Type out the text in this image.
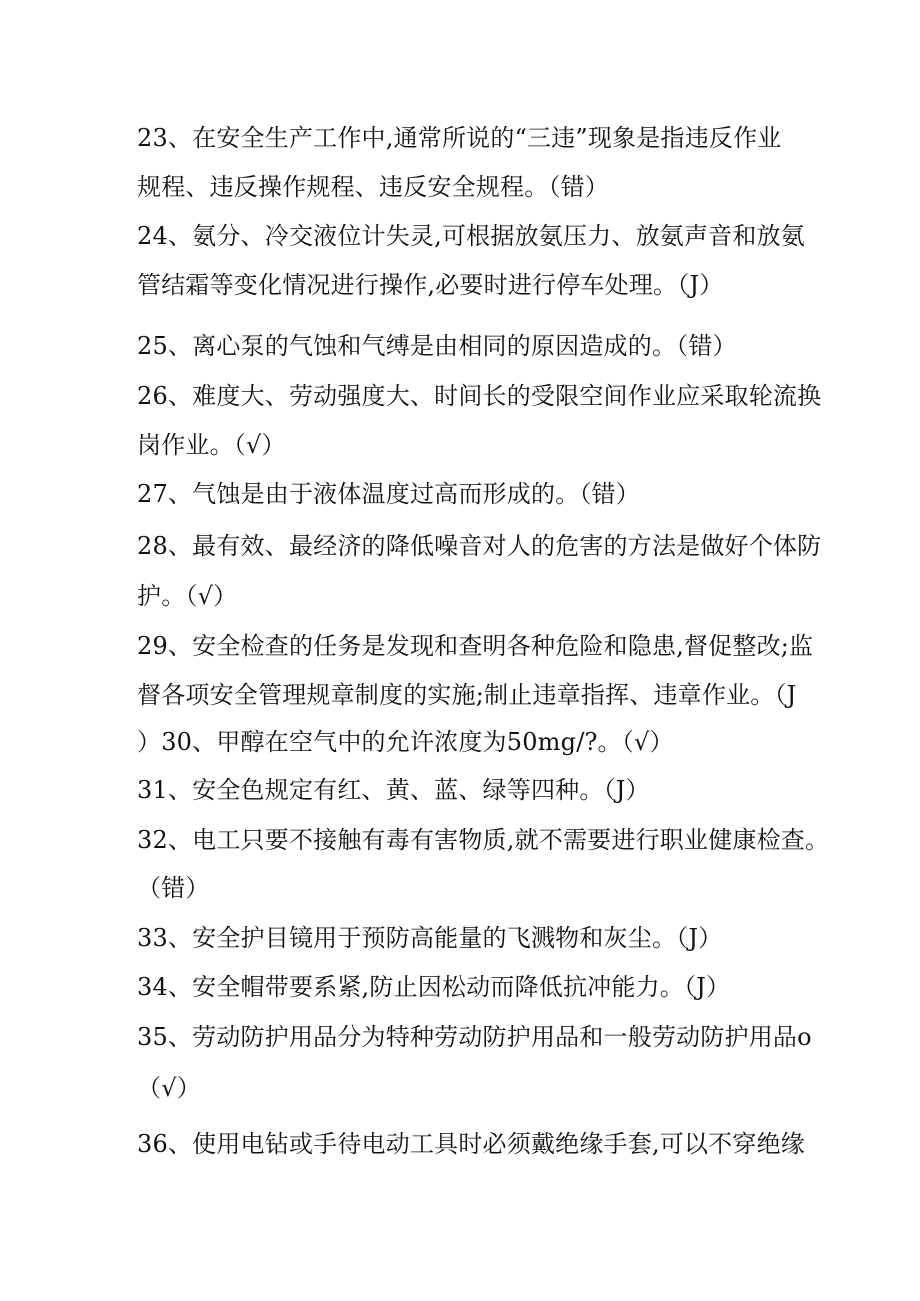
23、在安全生产工作中,通常所说的“三违”现象是指违反作业
规程、违反操作规程、违反安全规程。（错）
24、氨分、冷交液位计失灵,可根据放氨压力、放氨声音和放氨
管结霜等变化情况进行操作,必要时进行停车处理。（J）
25、离心泵的气蚀和气缚是由相同的原因造成的。（错）
26、难度大、劳动强度大、时间长的受限空间作业应采取轮流换
岗作业。（√）
27、气蚀是由于液体温度过高而形成的。（错）
28、最有效、最经济的降低噪音对人的危害的方法是做好个体防
护。（√）
29、安全检查的任务是发现和查明各种危险和隐患,督促整改;监
督各项安全管理规章制度的实施;制止违章指挥、违章作业。（J
）30、甲醇在空气中的允许浓度为50mg/?。（√）
31、安全色规定有红、黄、蓝、绿等四种。（J）
32、电工只要不接触有毒有害物质,就不需要进行职业健康检查。
（错）
33、安全护目镜用于预防高能量的飞溅物和灰尘。（J）
34、安全帽带要系紧,防止因松动而降低抗冲能力。（J）
35、劳动防护用品分为特种劳动防护用品和一般劳动防护用品o
（√）
36、使用电钻或手待电动工具时必须戴绝缘手套,可以不穿绝缘
